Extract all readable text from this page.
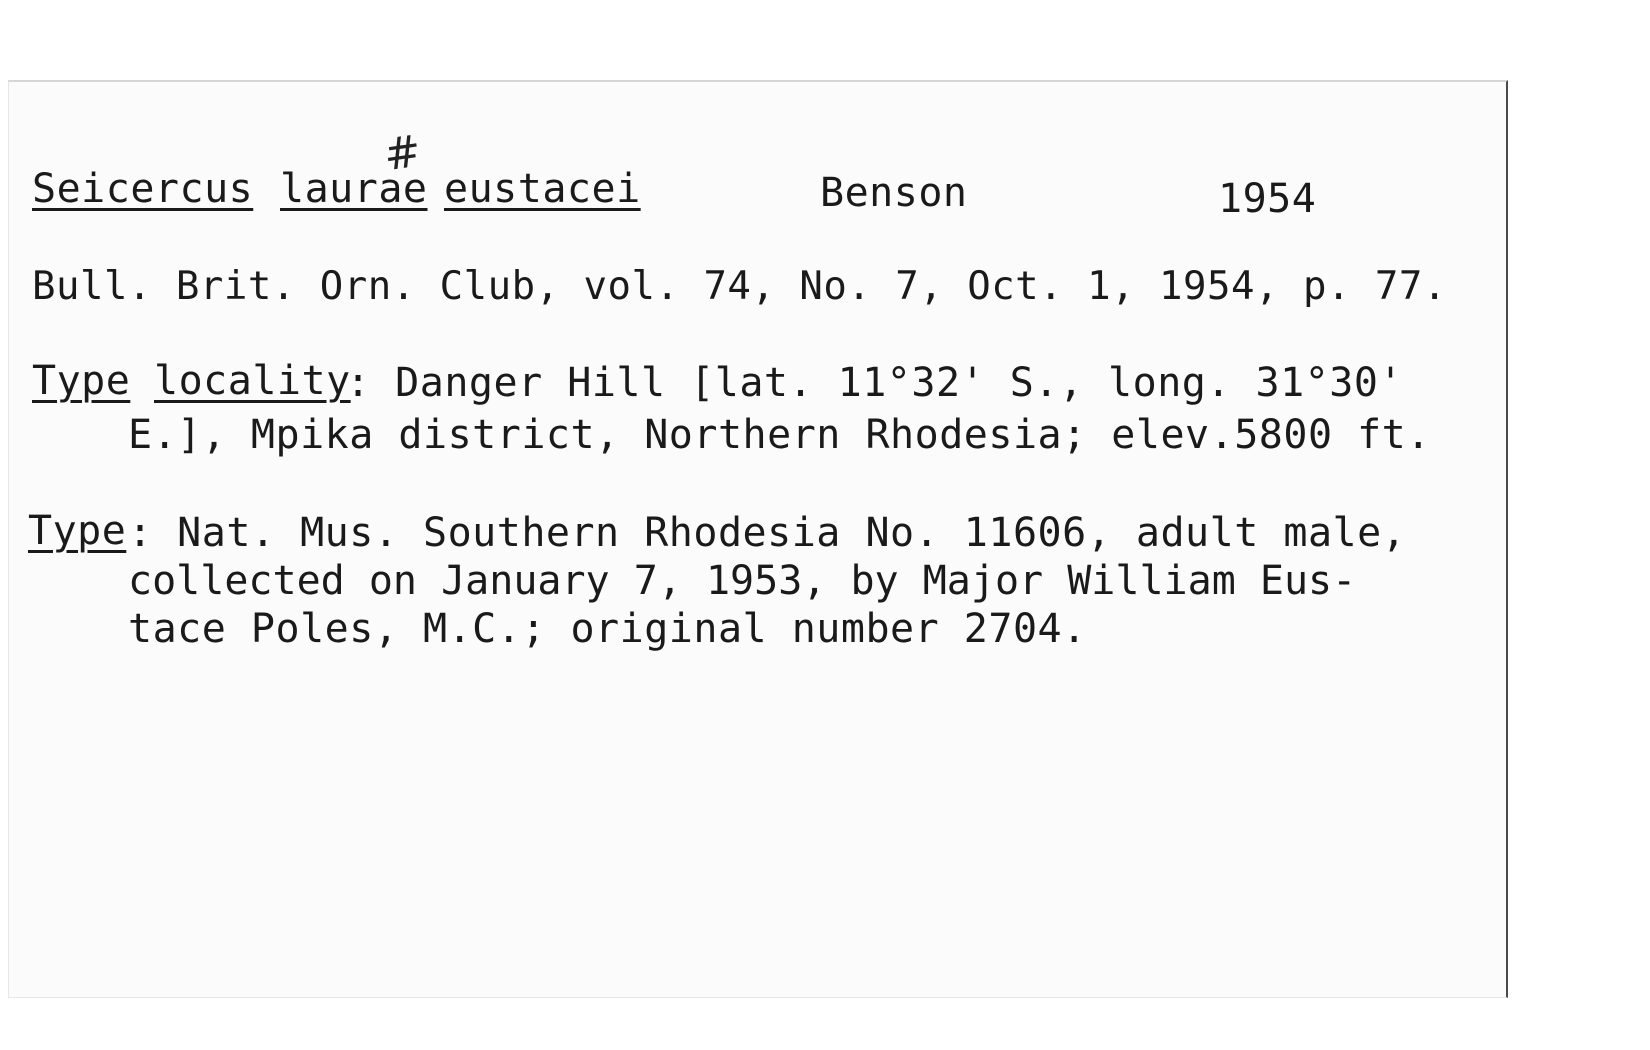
Seicercus laurae
#
eustacei	Benson	1954
Bull. Brit. Orn. Club, vol. 74, No. 7, Oct. 1, 1954, p. 77.
Type locality
: Danger Hill [lat. 11°32' S., long. 31°30'
E.], Mpika district, Northern Rhodesia; elev.5800 ft.
Type : Nat. Mus. Southern Rhodesia No. 11606, adult male,
collected on January 7, 1953, by Major William Eus-
tace Poles, M.C.; original number 2704.
